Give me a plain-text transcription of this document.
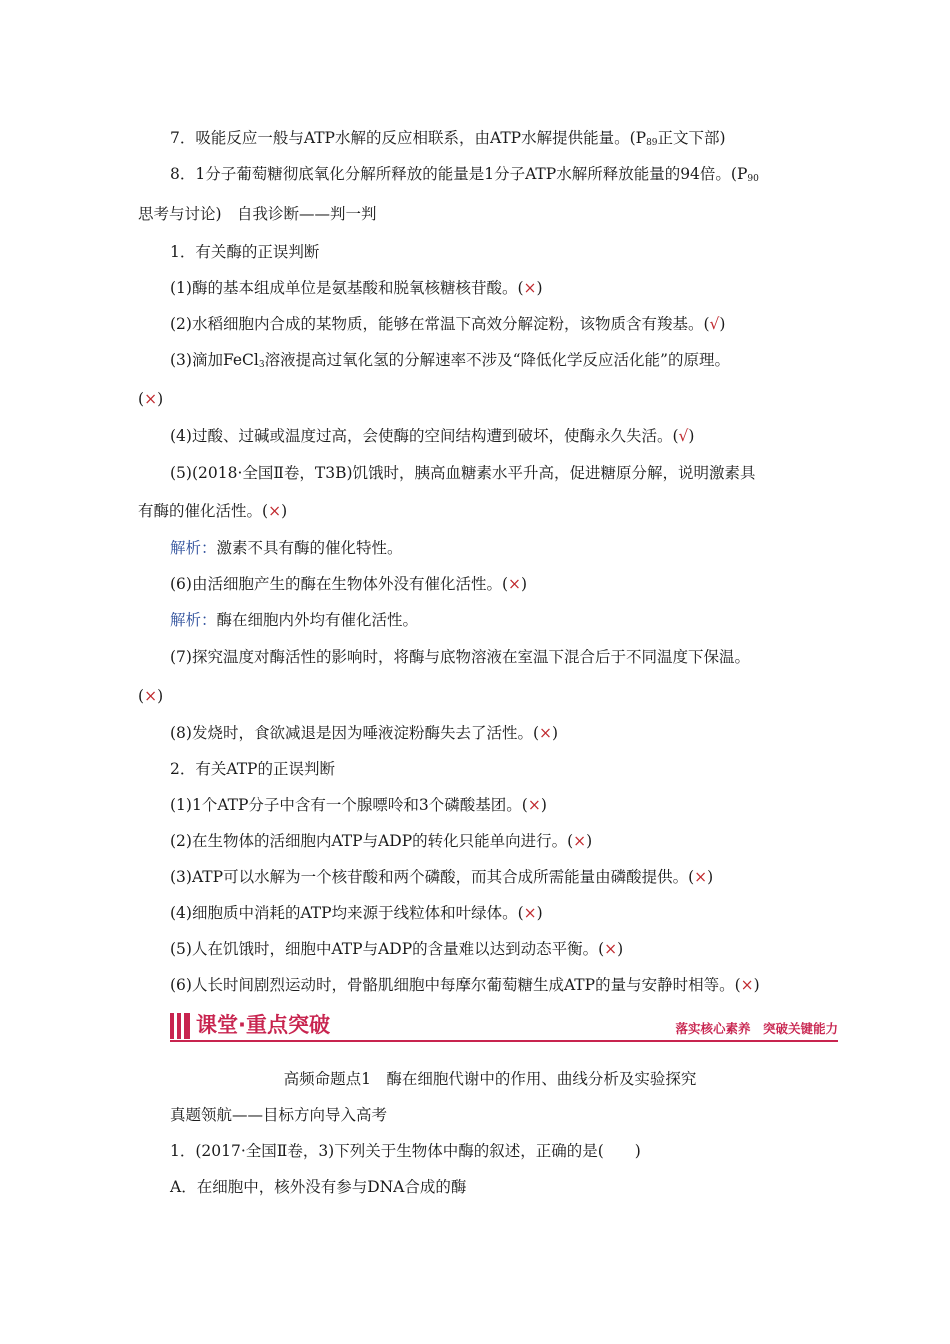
7．吸能反应一般与ATP水解的反应相联系，由ATP水解提供能量。($P_{89}$正文下部)
8．1分子葡萄糖彻底氧化分解所释放的能量是1分子ATP水解所释放能量的94倍。($P_{90}$
思考与讨论)　自我诊断——判一判
1．有关酶的正误判断
(1)酶的基本组成单位是氨基酸和脱氧核糖核苷酸。(×)
(2)水稻细胞内合成的某物质，能够在常温下高效分解淀粉，该物质含有羧基。(√)
(3)滴加FeCl$_3$溶液提高过氧化氢的分解速率不涉及“降低化学反应活化能”的原理。
(×)
(4)过酸、过碱或温度过高，会使酶的空间结构遭到破坏，使酶永久失活。(√)
(5)(2018·全国Ⅱ卷，T3B)饥饿时，胰高血糖素水平升高，促进糖原分解，说明激素具
有酶的催化活性。(×)
解析：激素不具有酶的催化特性。
(6)由活细胞产生的酶在生物体外没有催化活性。(×)
解析：酶在细胞内外均有催化活性。
(7)探究温度对酶活性的影响时，将酶与底物溶液在室温下混合后于不同温度下保温。
(×)
(8)发烧时，食欲减退是因为唾液淀粉酶失去了活性。(×)
2．有关ATP的正误判断
(1)1个ATP分子中含有一个腺嘌呤和3个磷酸基团。(×)
(2)在生物体的活细胞内ATP与ADP的转化只能单向进行。(×)
(3)ATP可以水解为一个核苷酸和两个磷酸，而其合成所需能量由磷酸提供。(×)
(4)细胞质中消耗的ATP均来源于线粒体和叶绿体。(×)
(5)人在饥饿时，细胞中ATP与ADP的含量难以达到动态平衡。(×)
(6)人长时间剧烈运动时，骨骼肌细胞中每摩尔葡萄糖生成ATP的量与安静时相等。(×)
课堂·重点突破	落实核心素养　突破关键能力
高频命题点1　酶在细胞代谢中的作用、曲线分析及实验探究
真题领航——目标方向导入高考
1．(2017·全国Ⅱ卷，3)下列关于生物体中酶的叙述，正确的是(　　)
A．在细胞中，核外没有参与DNA合成的酶
